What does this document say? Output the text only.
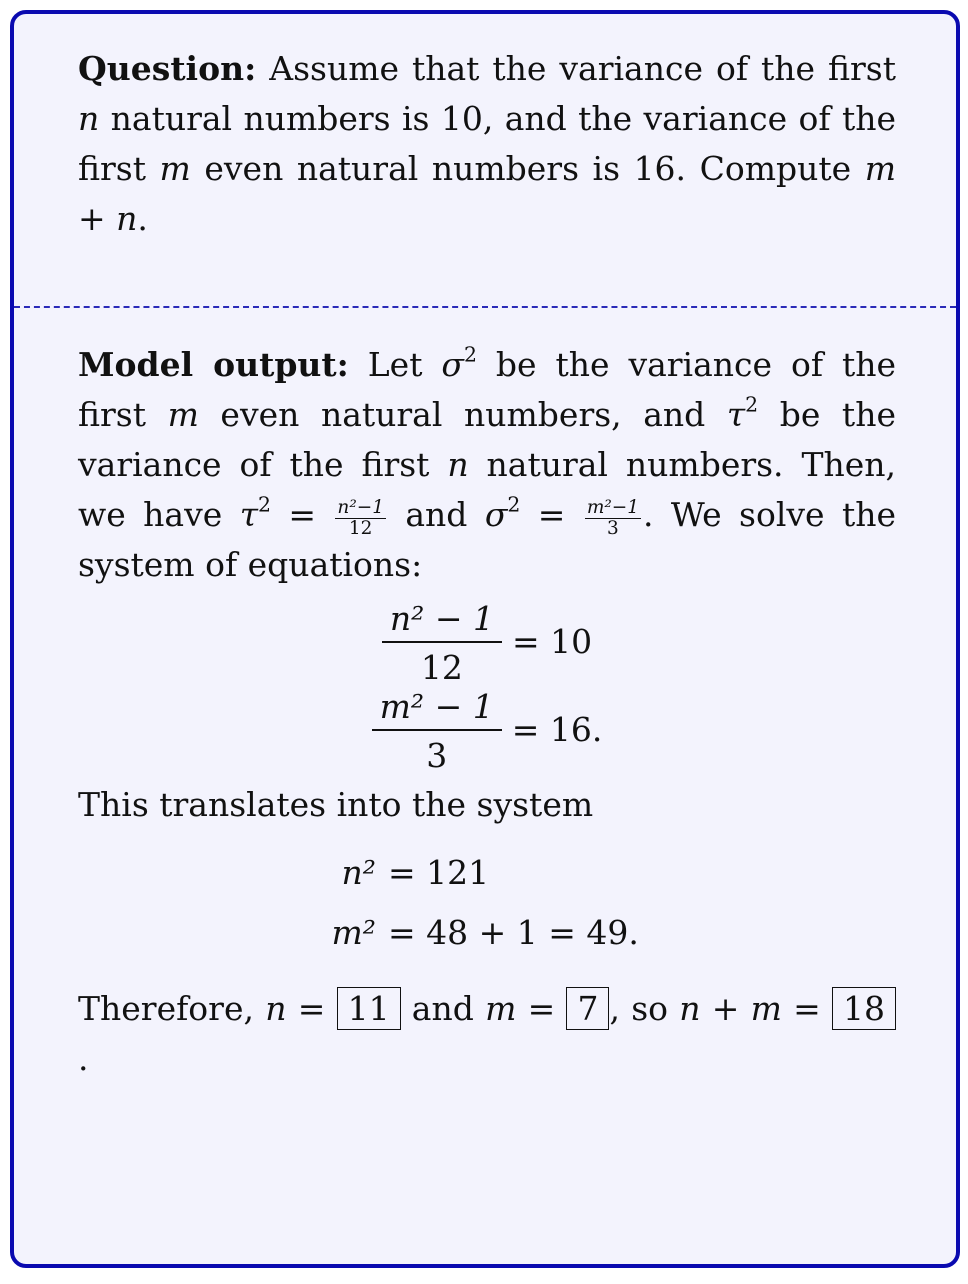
Question: Assume that the variance of the first n natural numbers is 10, and the variance of the first m even natural numbers is 16. Compute m + n.
Model output: Let $\sigma^2$ be the variance of the first m even natural numbers, and $\tau^2$ be the variance of the first n natural numbers. Then, we have $\tau^2 = \frac{\text{n²−1}}{12}$ and $\sigma^2 = \frac{\text{m²−1}}{3}$ . We solve the system of equations:
$\frac{\text{n² − 1}}{12} = 10$
$\frac{\text{m² − 1}}{3} = 16$.
This translates into the system
n² = 121
m² = 48 + 1 = 49.
Therefore, n = 11 and m = 7 , so n + m = 18.
